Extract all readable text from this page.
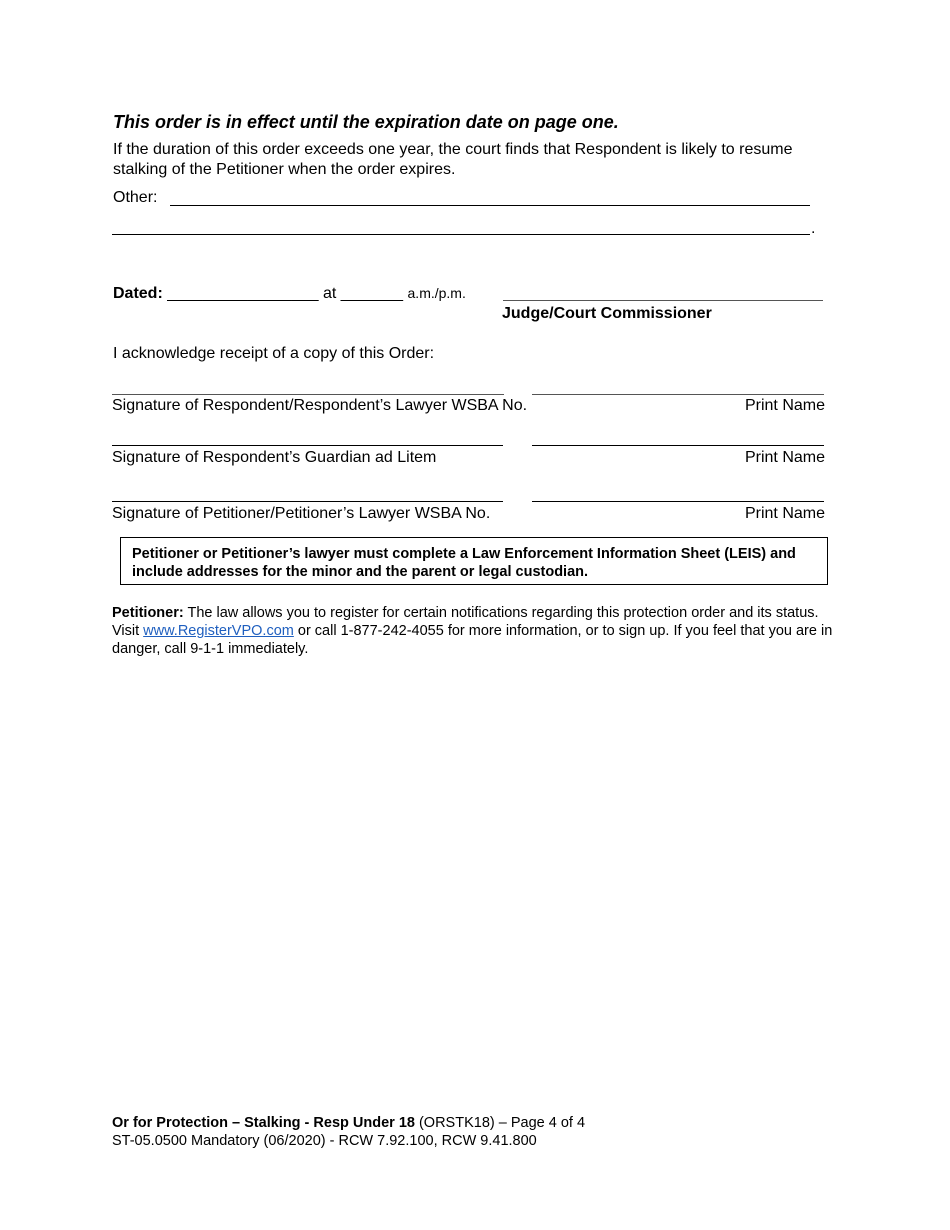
This order is in effect until the expiration date on page one.
If the duration of this order exceeds one year, the court finds that Respondent is likely to resume stalking of the Petitioner when the order expires.
Other:
.
Dated: _________________ at _______ a.m./p.m.
Judge/Court Commissioner
I acknowledge receipt of a copy of this Order:
Signature of Respondent/Respondent’s Lawyer WSBA No.	Print Name
Signature of Respondent’s Guardian ad Litem	Print Name
Signature of Petitioner/Petitioner’s Lawyer WSBA No.	Print Name
Petitioner or Petitioner’s lawyer must complete a Law Enforcement Information Sheet (LEIS) and include addresses for the minor and the parent or legal custodian.
Petitioner: The law allows you to register for certain notifications regarding this protection order and its status. Visit www.RegisterVPO.com or call 1-877-242-4055 for more information, or to sign up. If you feel that you are in danger, call 9-1-1 immediately.
Or for Protection – Stalking - Resp Under 18 (ORSTK18) – Page 4 of 4
ST-05.0500 Mandatory (06/2020) - RCW 7.92.100, RCW 9.41.800
